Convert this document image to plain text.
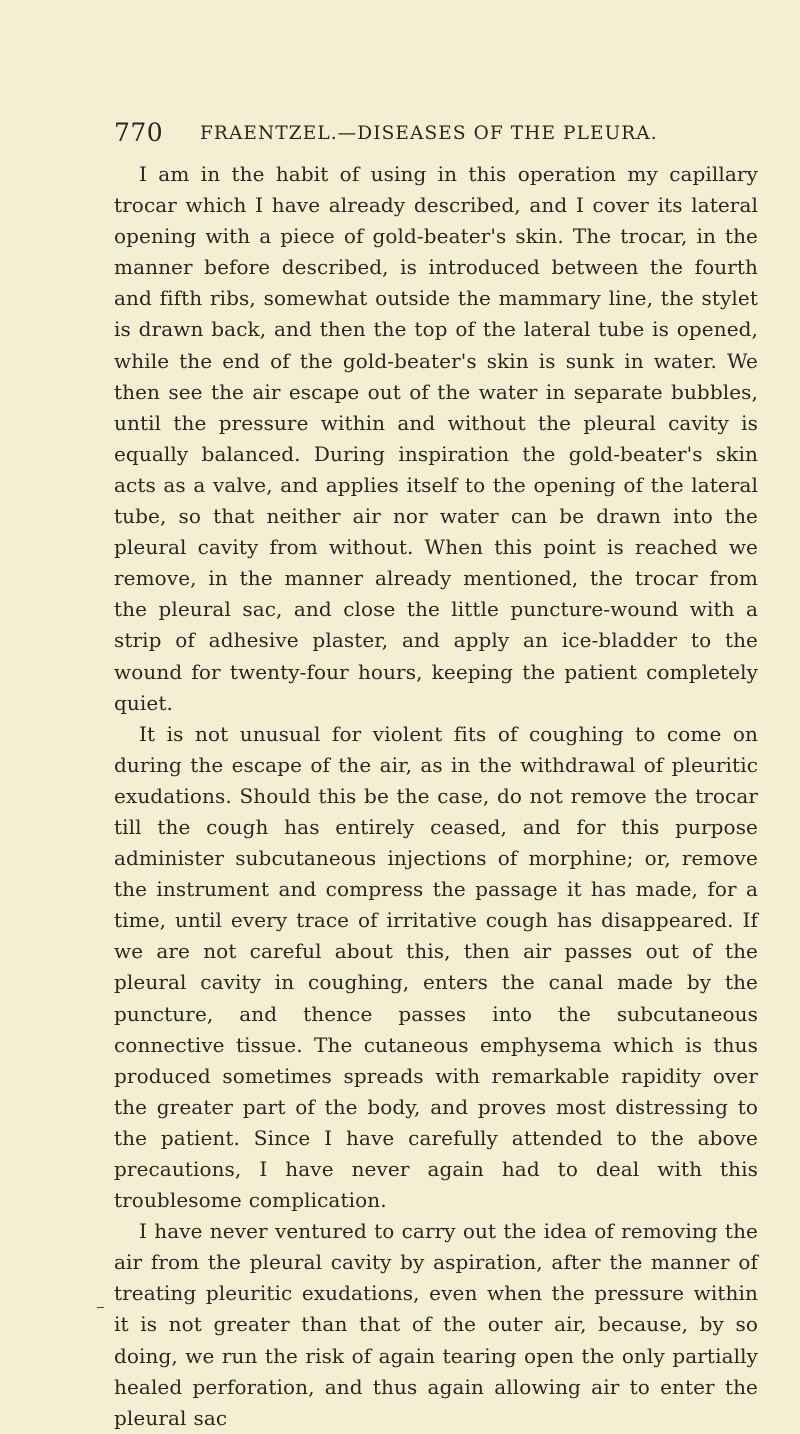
770 FRAENTZEL.—DISEASES OF THE PLEURA.

I am in the habit of using in this operation my capillary trocar which I have already described, and I cover its lateral opening with a piece of gold-beater's skin. The trocar, in the manner before described, is introduced between the fourth and fifth ribs, somewhat outside the mammary line, the stylet is drawn back, and then the top of the lateral tube is opened, while the end of the gold-beater's skin is sunk in water. We then see the air escape out of the water in separate bubbles, until the pressure within and without the pleural cavity is equally balanced. During inspiration the gold-beater's skin acts as a valve, and applies itself to the opening of the lateral tube, so that neither air nor water can be drawn into the pleural cavity from without. When this point is reached we remove, in the manner already mentioned, the trocar from the pleural sac, and close the little puncture-wound with a strip of adhesive plaster, and apply an ice-bladder to the wound for twenty-four hours, keeping the patient completely quiet.

It is not unusual for violent fits of coughing to come on during the escape of the air, as in the withdrawal of pleuritic exudations. Should this be the case, do not remove the trocar till the cough has entirely ceased, and for this purpose administer subcutaneous injections of morphine; or, remove the instrument and compress the passage it has made, for a time, until every trace of irritative cough has disappeared. If we are not careful about this, then air passes out of the pleural cavity in coughing, enters the canal made by the puncture, and thence passes into the subcutaneous connective tissue. The cutaneous emphysema which is thus produced sometimes spreads with remarkable rapidity over the greater part of the body, and proves most distressing to the patient. Since I have carefully attended to the above precautions, I have never again had to deal with this troublesome complication.

I have never ventured to carry out the idea of removing the air from the pleural cavity by aspiration, after the manner of treating pleuritic exudations, even when the pressure within it is not greater than that of the outer air, because, by so doing, we run the risk of again tearing open the only partially healed perforation, and thus again allowing air to enter the pleural sac
